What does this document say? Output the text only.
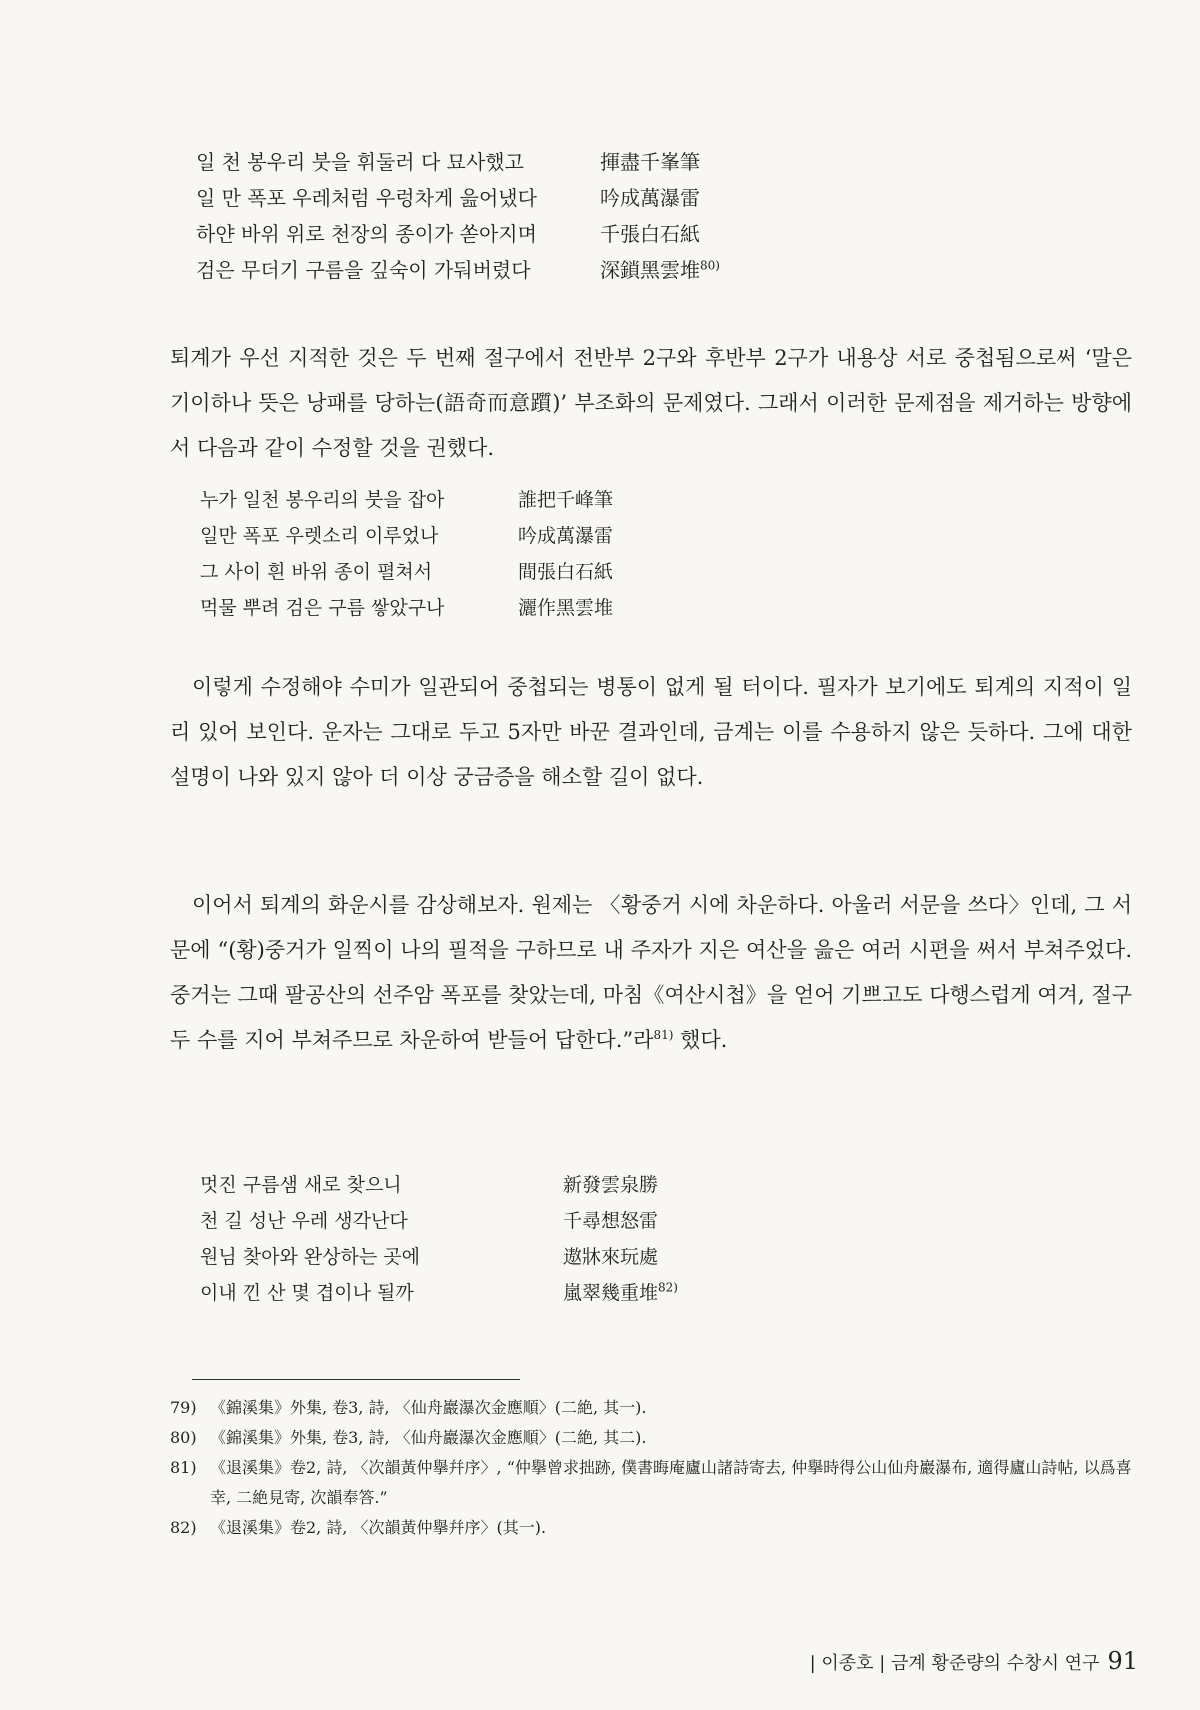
일 천 봉우리 붓을 휘둘러 다 묘사했고	揮盡千峯筆
일 만 폭포 우레처럼 우렁차게 읊어냈다	吟成萬瀑雷
하얀 바위 위로 천장의 종이가 쏟아지며	千張白石紙
검은 무더기 구름을 깊숙이 가둬버렸다	深鎖黑雲堆$^{80)}$

퇴계가 우선 지적한 것은 두 번째 절구에서 전반부 2구와 후반부 2구가 내용상 서로 중첩됨으로써 ‘말은 기이하나 뜻은 낭패를 당하는(語奇而意躓)’ 부조화의 문제였다. 그래서 이러한 문제점을 제거하는 방향에서 다음과 같이 수정할 것을 권했다.

누가 일천 봉우리의 붓을 잡아	誰把千峰筆
일만 폭포 우렛소리 이루었나	吟成萬瀑雷
그 사이 흰 바위 종이 펼쳐서	間張白石紙
먹물 뿌려 검은 구름 쌓았구나	灑作黑雲堆

이렇게 수정해야 수미가 일관되어 중첩되는 병통이 없게 될 터이다. 필자가 보기에도 퇴계의 지적이 일리 있어 보인다. 운자는 그대로 두고 5자만 바꾼 결과인데, 금계는 이를 수용하지 않은 듯하다. 그에 대한 설명이 나와 있지 않아 더 이상 궁금증을 해소할 길이 없다.

이어서 퇴계의 화운시를 감상해보자. 원제는 〈황중거 시에 차운하다. 아울러 서문을 쓰다〉인데, 그 서문에 “(황)중거가 일찍이 나의 필적을 구하므로 내 주자가 지은 여산을 읊은 여러 시편을 써서 부쳐주었다. 중거는 그때 팔공산의 선주암 폭포를 찾았는데, 마침《여산시첩》을 얻어 기쁘고도 다행스럽게 여겨, 절구 두 수를 지어 부쳐주므로 차운하여 받들어 답한다.”라$^{81)}$ 했다.

멋진 구름샘 새로 찾으니	新發雲泉勝
천 길 성난 우레 생각난다	千尋想怒雷
원님 찾아와 완상하는 곳에	遨牀來玩處
이내 낀 산 몇 겹이나 될까	嵐翠幾重堆$^{82)}$
79) 《錦溪集》外集, 卷3, 詩, 〈仙舟巖瀑次金應順〉(二絶, 其一).
80) 《錦溪集》外集, 卷3, 詩, 〈仙舟巖瀑次金應順〉(二絶, 其二).
81) 《退溪集》卷2, 詩, 〈次韻黃仲擧幷序〉, “仲擧曾求拙跡, 僕書晦庵廬山諸詩寄去, 仲擧時得公山仙舟巖瀑布, 適得廬山詩帖, 以爲喜幸, 二絶見寄, 次韻奉答.”
82) 《退溪集》卷2, 詩, 〈次韻黃仲擧幷序〉(其一).
| 이종호 | 금계 황준량의 수창시 연구 91
